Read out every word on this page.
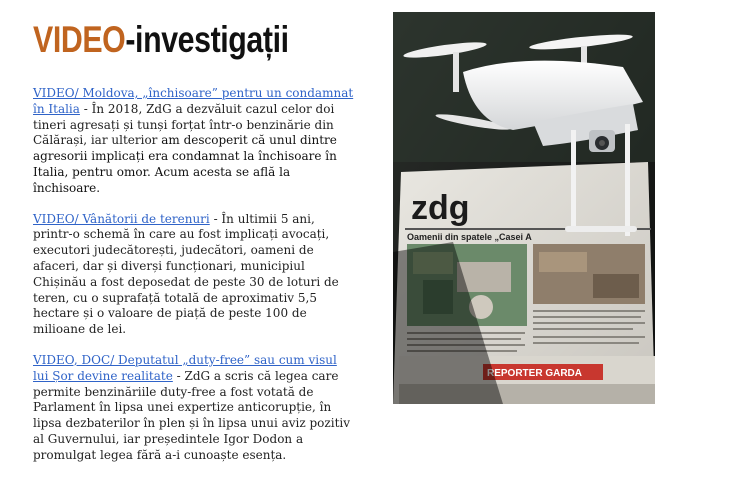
VIDEO-investigații

VIDEO/ Moldova, „închisoare” pentru un condamnat în Italia - În 2018, ZdG a dezvăluit cazul celor doi tineri agresați și tunși forțat într-o benzinărie din Călărași, iar ulterior am descoperit că unul dintre agresorii implicați era condamnat la închisoare în Italia, pentru omor. Acum acesta se află la închisoare.

VIDEO/ Vânătorii de terenuri - În ultimii 5 ani, printr-o schemă în care au fost implicați avocați, executori judecătorești, judecători, oameni de afaceri, dar și diverși funcționari, municipiul Chișinău a fost deposedat de peste 30 de loturi de teren, cu o suprafață totală de aproximativ 5,5 hectare și o valoare de piață de peste 100 de milioane de lei.

VIDEO, DOC/ Deputatul „duty-free” sau cum visul lui Șor devine realitate - ZdG a scris că legea care permite benzinăriile duty-free a fost votată de Parlament în lipsa unei expertize anticorupție, în lipsa dezbaterilor în plen și în lipsa unui aviz pozitiv al Guvernului, iar președintele Igor Dodon a promulgat legea fără a-i cunoaște esența.

zdg
Oamenii din spatele „Casei A
REPORTER GARDA
